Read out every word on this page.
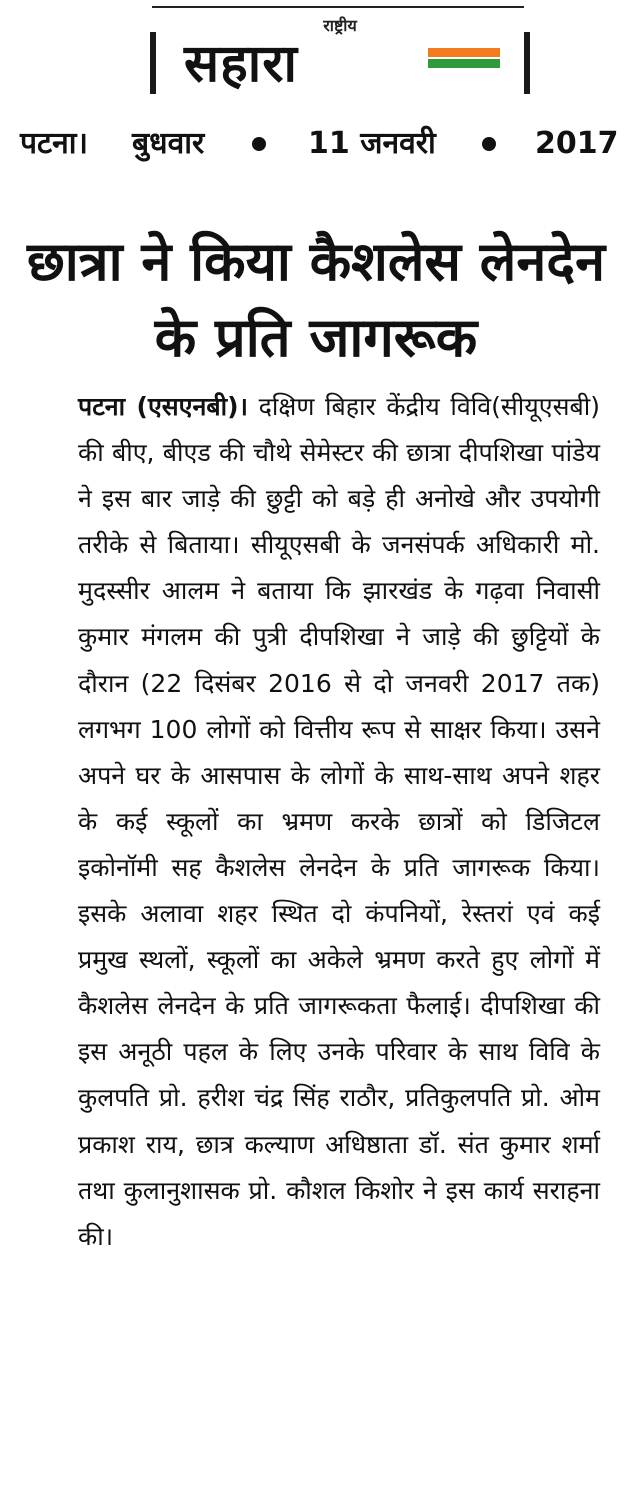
राष्ट्रीय
सहारा
पटना। बुधवार	11 जनवरी	2017
छात्रा ने किया कैशलेस लेनदेन के प्रति जागरूक
पटना (एसएनबी)। दक्षिण बिहार केंद्रीय विवि(सीयूएसबी) की बीए, बीएड की चौथे सेमेस्टर की छात्रा दीपशिखा पांडेय ने इस बार जाड़े की छुट्टी को बड़े ही अनोखे और उपयोगी तरीके से बिताया। सीयूएसबी के जनसंपर्क अधिकारी मो. मुदस्सीर आलम ने बताया कि झारखंड के गढ़वा निवासी कुमार मंगलम की पुत्री दीपशिखा ने जाड़े की छुट्टियों के दौरान (22 दिसंबर 2016 से दो जनवरी 2017 तक) लगभग 100 लोगों को वित्तीय रूप से साक्षर किया। उसने अपने घर के आसपास के लोगों के साथ-साथ अपने शहर के कई स्कूलों का भ्रमण करके छात्रों को डिजिटल इकोनॉमी सह कैशलेस लेनदेन के प्रति जागरूक किया। इसके अलावा शहर स्थित दो कंपनियों, रेस्तरां एवं कई प्रमुख स्थलों, स्कूलों का अकेले भ्रमण करते हुए लोगों में कैशलेस लेनदेन के प्रति जागरूकता फैलाई। दीपशिखा की इस अनूठी पहल के लिए उनके परिवार के साथ विवि के कुलपति प्रो. हरीश चंद्र सिंह राठौर, प्रतिकुलपति प्रो. ओम प्रकाश राय, छात्र कल्याण अधिष्ठाता डॉ. संत कुमार शर्मा तथा कुलानुशासक प्रो. कौशल किशोर ने इस कार्य सराहना की।
